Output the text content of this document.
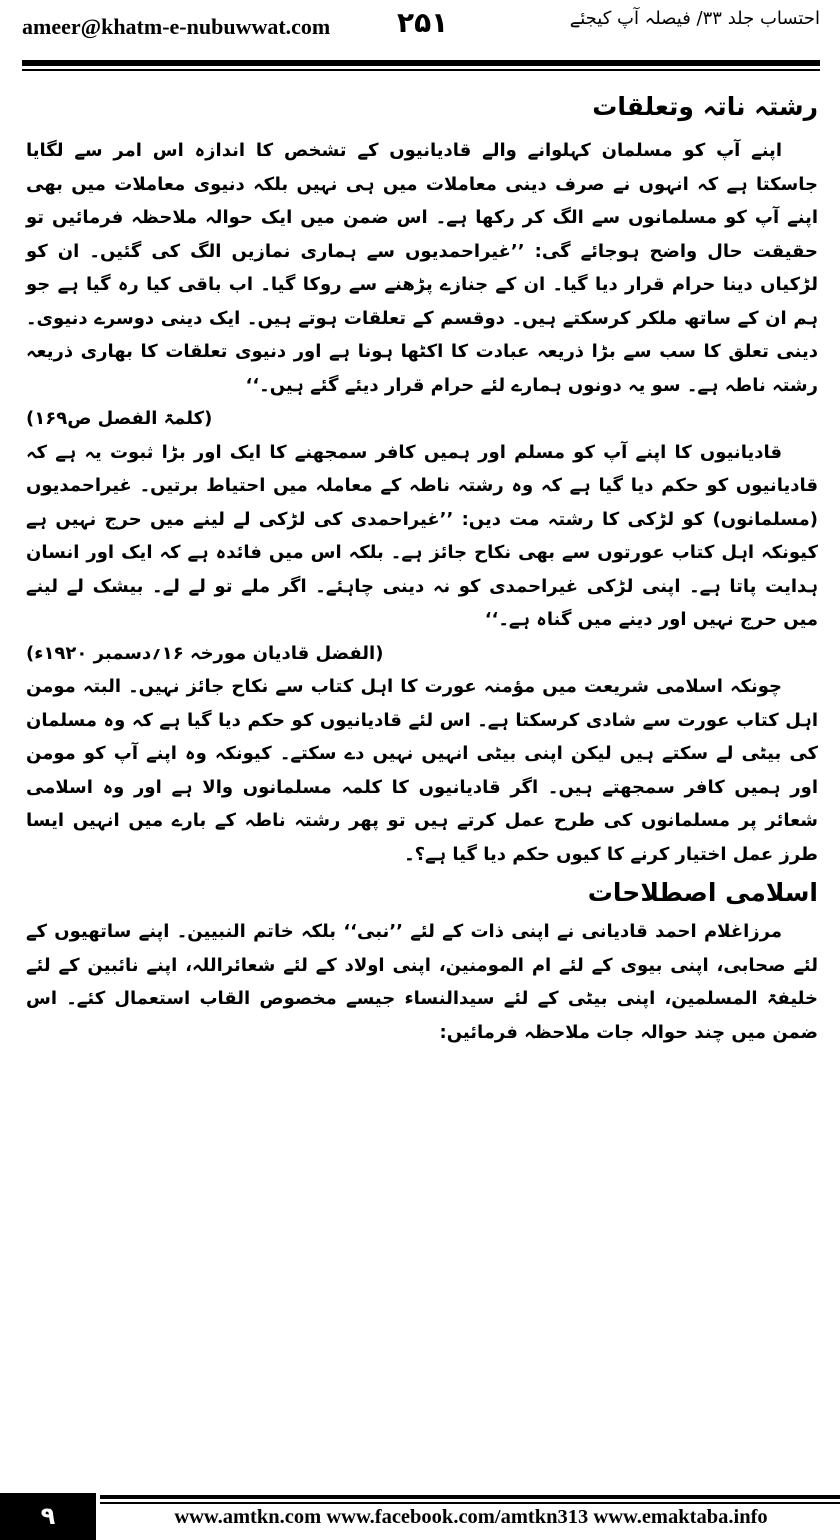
ameer@khatm-e-nubuwwat.com ۲۵۱	احتساب جلد ۳۳/ فیصلہ آپ کیجئے

رشتہ ناتہ وتعلقات

اپنے آپ کو مسلمان کہلوانے والے قادیانیوں کے تشخص کا اندازہ اس امر سے لگایا جاسکتا ہے کہ انہوں نے صرف دینی معاملات میں ہی نہیں بلکہ دنیوی معاملات میں بھی اپنے آپ کو مسلمانوں سے الگ کر رکھا ہے۔ اس ضمن میں ایک حوالہ ملاحظہ فرمائیں تو حقیقت حال واضح ہوجائے گی: ’’غیراحمدیوں سے ہماری نمازیں الگ کی گئیں۔ ان کو لڑکیاں دینا حرام قرار دیا گیا۔ ان کے جنازے پڑھنے سے روکا گیا۔ اب باقی کیا رہ گیا ہے جو ہم ان کے ساتھ ملکر کرسکتے ہیں۔ دوقسم کے تعلقات ہوتے ہیں۔ ایک دینی دوسرے دنیوی۔ دینی تعلق کا سب سے بڑا ذریعہ عبادت کا اکٹھا ہونا ہے اور دنیوی تعلقات کا بھاری ذریعہ رشتہ ناطہ ہے۔ سو یہ دونوں ہمارے لئے حرام قرار دیئے گئے ہیں۔‘‘

(کلمۃ الفصل ص۱۶۹)

قادیانیوں کا اپنے آپ کو مسلم اور ہمیں کافر سمجھنے کا ایک اور بڑا ثبوت یہ ہے کہ قادیانیوں کو حکم دیا گیا ہے کہ وہ رشتہ ناطہ کے معاملہ میں احتیاط برتیں۔ غیراحمدیوں (مسلمانوں) کو لڑکی کا رشتہ مت دیں: ’’غیراحمدی کی لڑکی لے لینے میں حرج نہیں ہے کیونکہ اہل کتاب عورتوں سے بھی نکاح جائز ہے۔ بلکہ اس میں فائدہ ہے کہ ایک اور انسان ہدایت پاتا ہے۔ اپنی لڑکی غیراحمدی کو نہ دینی چاہئے۔ اگر ملے تو لے لے۔ بیشک لے لینے میں حرج نہیں اور دینے میں گناہ ہے۔‘‘

(الفضل قادیان مورخہ ۱۶؍دسمبر ۱۹۲۰ء)

چونکہ اسلامی شریعت میں مؤمنہ عورت کا اہل کتاب سے نکاح جائز نہیں۔ البتہ مومن اہل کتاب عورت سے شادی کرسکتا ہے۔ اس لئے قادیانیوں کو حکم دیا گیا ہے کہ وہ مسلمان کی بیٹی لے سکتے ہیں لیکن اپنی بیٹی انہیں نہیں دے سکتے۔ کیونکہ وہ اپنے آپ کو مومن اور ہمیں کافر سمجھتے ہیں۔ اگر قادیانیوں کا کلمہ مسلمانوں والا ہے اور وہ اسلامی شعائر پر مسلمانوں کی طرح عمل کرتے ہیں تو پھر رشتہ ناطہ کے بارے میں انہیں ایسا طرز عمل اختیار کرنے کا کیوں حکم دیا گیا ہے؟۔

اسلامی اصطلاحات

مرزاغلام احمد قادیانی نے اپنی ذات کے لئے ’’نبی‘‘ بلکہ خاتم النبیین۔ اپنے ساتھیوں کے لئے صحابی، اپنی بیوی کے لئے ام المومنین، اپنی اولاد کے لئے شعائراللہ، اپنے نائبین کے لئے خلیفۃ المسلمین، اپنی بیٹی کے لئے سیدالنساء جیسے مخصوص القاب استعمال کئے۔ اس ضمن میں چند حوالہ جات ملاحظہ فرمائیں:

۹	www.amtkn.com www.facebook.com/amtkn313 www.emaktaba.info
